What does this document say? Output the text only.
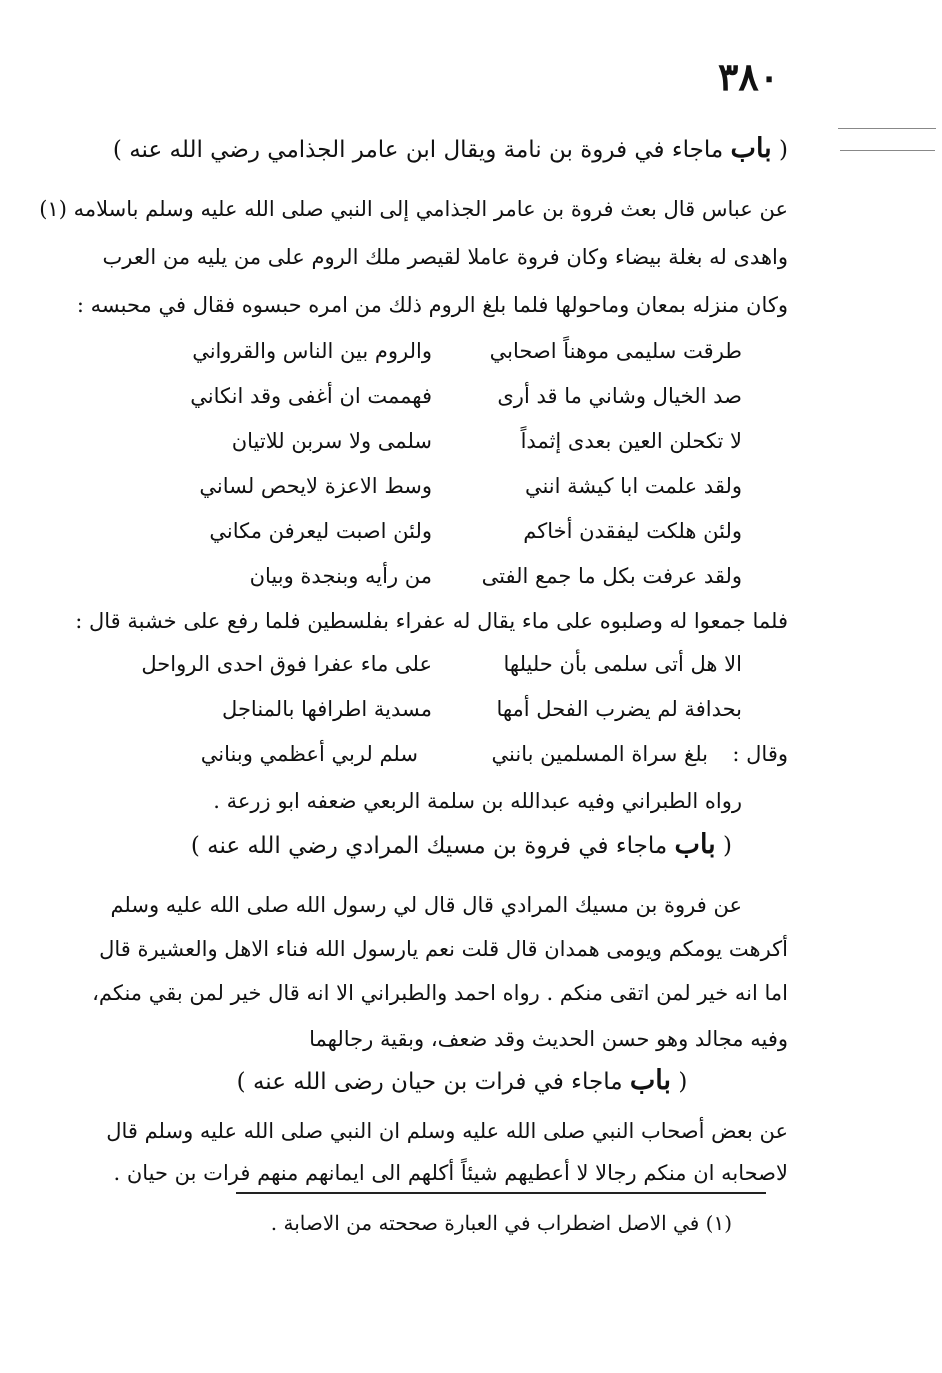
٣٨٠
( باب ماجاء في فروة بن نامة ويقال ابن عامر الجذامي رضي الله عنه )
عن عباس قال بعث فروة بن عامر الجذامي إلى النبي صلى الله عليه وسلم باسلامه (١)
واهدى له بغلة بيضاء وكان فروة عاملا لقيصر ملك الروم على من يليه من العرب
وكان منزله بمعان وماحولها فلما بلغ الروم ذلك من امره حبسوه فقال في محبسه :
طرقت سليمى موهناً اصحابي
والروم بين الناس والقرواني
صد الخيال وشاني ما قد أرى
فهممت ان أغفى وقد انكاني
لا تكحلن العين بعدى إثمداً
سلمى ولا سربن للاتيان
ولقد علمت ابا كيشة انني
وسط الاعزة لايحص لساني
ولئن هلكت ليفقدن أخاكم
ولئن اصبت ليعرفن مكاني
ولقد عرفت بكل ما جمع الفتى
من رأيه وبنجدة وبيان
فلما جمعوا له وصلبوه على ماء يقال له عفراء بفلسطين فلما رفع على خشبة قال :
الا هل أتى سلمى بأن حليلها
على ماء عفرا فوق احدى الرواحل
بحدافة لم يضرب الفحل أمها
مسدية اطرافها بالمناجل
وقال :
بلغ سراة المسلمين بانني
سلم لربي أعظمي وبناني
رواه الطبراني وفيه عبدالله بن سلمة الربعي ضعفه ابو زرعة .
( باب ماجاء في فروة بن مسيك المرادي رضي الله عنه )
عن فروة بن مسيك المرادي قال قال لي رسول الله صلى الله عليه وسلم
أكرهت يومكم ويومى همدان قال قلت نعم يارسول الله فناء الاهل والعشيرة قال
اما انه خير لمن اتقى منكم . رواه احمد والطبراني الا انه قال خير لمن بقي منكم،
وفيه مجالد وهو حسن الحديث وقد ضعف، وبقية رجالهما
( باب ماجاء في فرات بن حيان رضى الله عنه )
عن بعض أصحاب النبي صلى الله عليه وسلم ان النبي صلى الله عليه وسلم قال
لاصحابه ان منكم رجالا لا أعطيهم شيئاً أكلهم الى ايمانهم منهم فرات بن حيان .
(١) في الاصل اضطراب في العبارة صححته من الاصابة .
